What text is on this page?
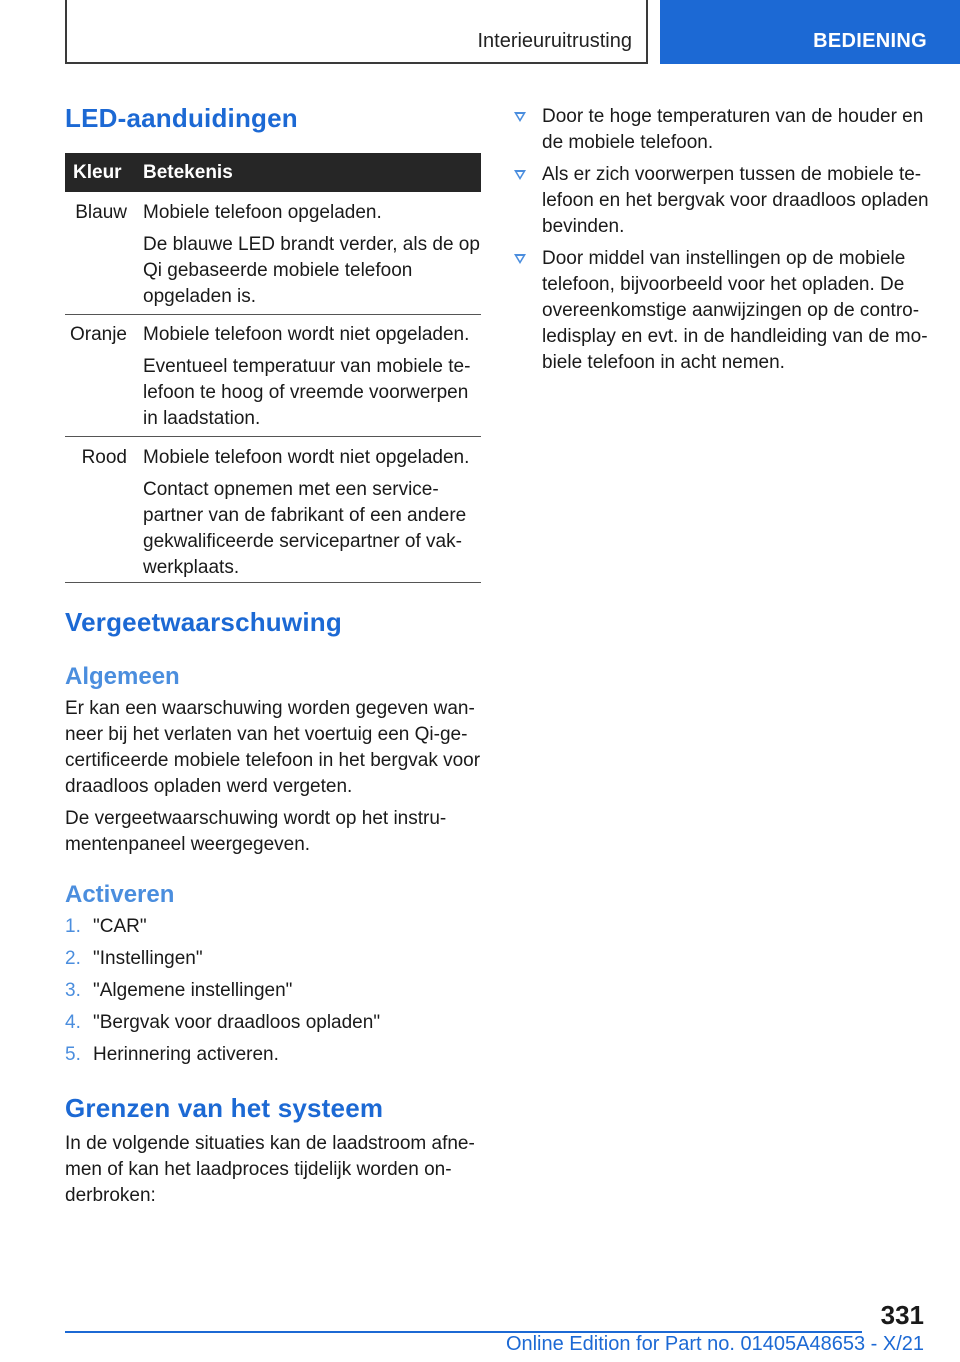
Interieuruitrusting	BEDIENING
LED-aanduidingen
Kleur Betekenis
Blauw Mobiele telefoon opgeladen.
De blauwe LED brandt verder, als de op Qi gebaseerde mobiele telefoon opgeladen is.
Oranje Mobiele telefoon wordt niet opgeladen.
Eventueel temperatuur van mobiele te-lefoon te hoog of vreemde voorwerpen in laadstation.
Rood Mobiele telefoon wordt niet opgeladen.
Contact opnemen met een service-partner van de fabrikant of een andere gekwalificeerde servicepartner of vak-werkplaats.
Vergeetwaarschuwing
Algemeen

Er kan een waarschuwing worden gegeven wan-neer bij het verlaten van het voertuig een Qi-ge-certificeerde mobiele telefoon in het bergvak voor draadloos opladen werd vergeten.

De vergeetwaarschuwing wordt op het instru-mentenpaneel weergegeven.

Activeren
1. "CAR"
2. "Instellingen"
3. "Algemene instellingen"
4. "Bergvak voor draadloos opladen"
5. Herinnering activeren.
Grenzen van het systeem

In de volgende situaties kan de laadstroom afne-men of kan het laadproces tijdelijk worden on-derbroken:

Door te hoge temperaturen van de houder en de mobiele telefoon.
Als er zich voorwerpen tussen de mobiele te-lefoon en het bergvak voor draadloos opladen bevinden.
Door middel van instellingen op de mobiele telefoon, bijvoorbeeld voor het opladen. De overeenkomstige aanwijzingen op de contro-ledisplay en evt. in de handleiding van de mo-biele telefoon in acht nemen.
331
Online Edition for Part no. 01405A48653 - X/21
